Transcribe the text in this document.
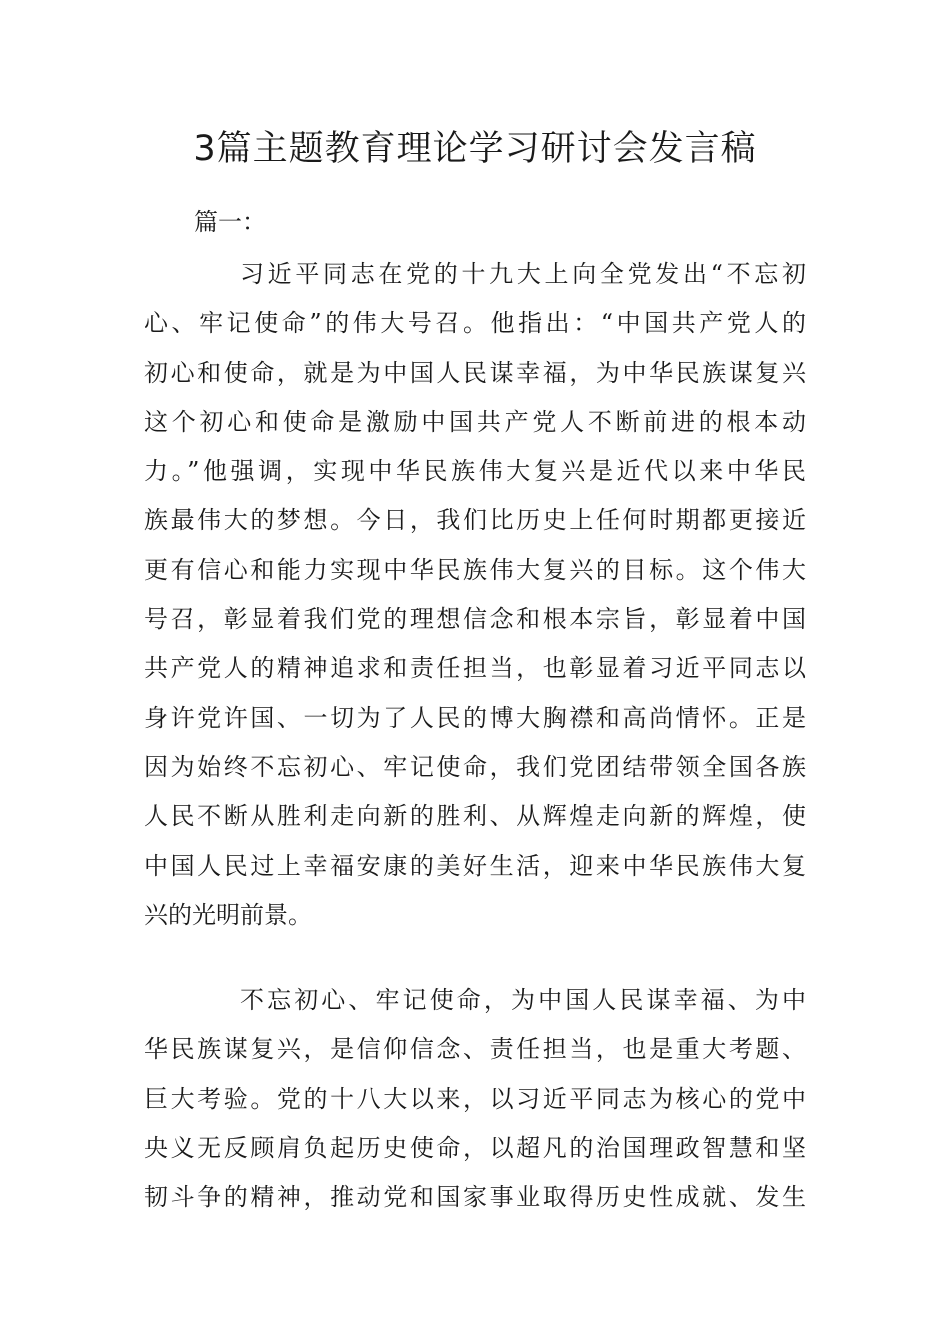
3篇主题教育理论学习研讨会发言稿

篇一：

习近平同志在党的十九大上向全党发出“不忘初
心、牢记使命”的伟大号召。他指出：“中国共产党人的
初心和使命，就是为中国人民谋幸福，为中华民族谋复兴
这个初心和使命是激励中国共产党人不断前进的根本动
力。”他强调，实现中华民族伟大复兴是近代以来中华民
族最伟大的梦想。今日，我们比历史上任何时期都更接近
更有信心和能力实现中华民族伟大复兴的目标。这个伟大
号召，彰显着我们党的理想信念和根本宗旨，彰显着中国
共产党人的精神追求和责任担当，也彰显着习近平同志以
身许党许国、一切为了人民的博大胸襟和高尚情怀。正是
因为始终不忘初心、牢记使命，我们党团结带领全国各族
人民不断从胜利走向新的胜利、从辉煌走向新的辉煌，使
中国人民过上幸福安康的美好生活，迎来中华民族伟大复
兴的光明前景。

不忘初心、牢记使命，为中国人民谋幸福、为中
华民族谋复兴，是信仰信念、责任担当，也是重大考题、
巨大考验。党的十八大以来，以习近平同志为核心的党中
央义无反顾肩负起历史使命，以超凡的治国理政智慧和坚
韧斗争的精神，推动党和国家事业取得历史性成就、发生
